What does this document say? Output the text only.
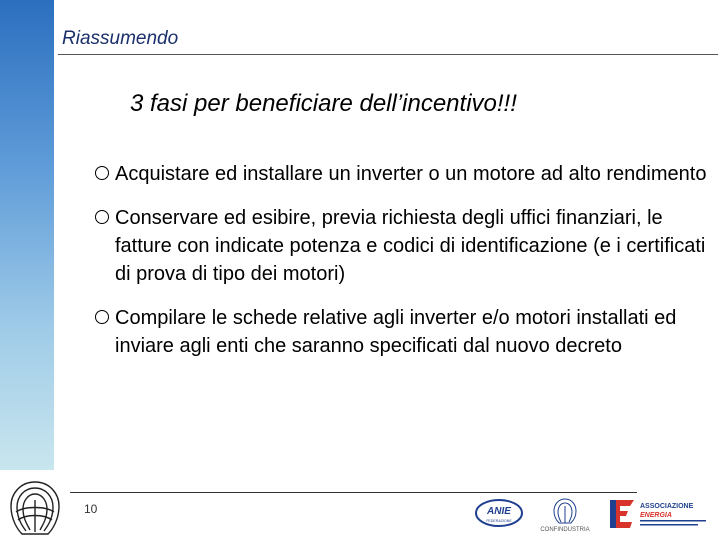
Riassumendo
3 fasi per beneficiare dell’incentivo!!!
Acquistare ed installare un inverter o un motore ad alto rendimento
Conservare ed esibire, previa richiesta degli uffici finanziari, le fatture con indicate potenza e codici di identificazione (e i certificati di prova di tipo dei motori)
Compilare le schede relative agli inverter e/o motori installati ed inviare agli enti che saranno specificati dal nuovo decreto
10	ANIE
FEDERAZIONE
CONFINDUSTRIA
ASSOCIAZIONE
ENERGIA
